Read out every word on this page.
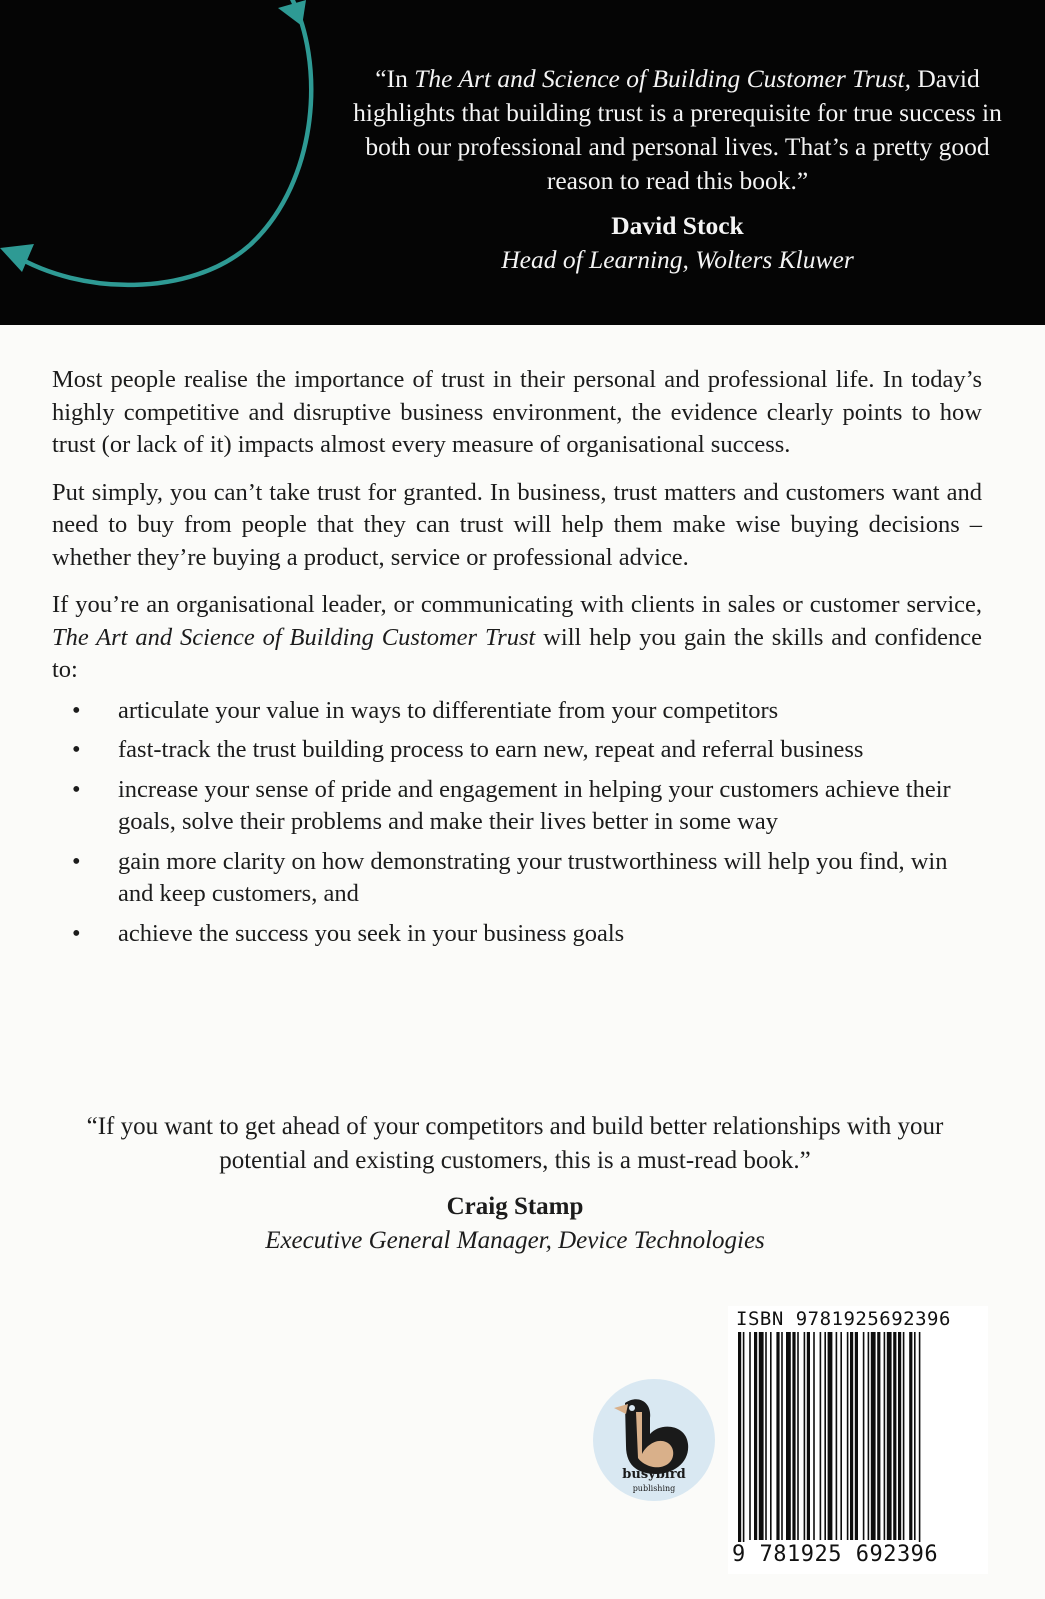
“In The Art and Science of Building Customer Trust, David highlights that building trust is a prerequisite for true success in both our professional and personal lives. That’s a pretty good reason to read this book.”

David Stock

Head of Learning, Wolters Kluwer

Most people realise the importance of trust in their personal and professional life. In today’s highly competitive and disruptive business environment, the evidence clearly points to how trust (or lack of it) impacts almost every measure of organisational success.

Put simply, you can’t take trust for granted. In business, trust matters and customers want and need to buy from people that they can trust will help them make wise buying decisions – whether they’re buying a product, service or professional advice.

If you’re an organisational leader, or communicating with clients in sales or customer service, The Art and Science of Building Customer Trust will help you gain the skills and confidence to:

• articulate your value in ways to differentiate from your competitors
• fast-track the trust building process to earn new, repeat and referral business
• increase your sense of pride and engagement in helping your customers achieve their goals, solve their problems and make their lives better in some way
• gain more clarity on how demonstrating your trustworthiness will help you find, win and keep customers, and
• achieve the success you seek in your business goals

“If you want to get ahead of your competitors and build better relationships with your potential and existing customers, this is a must-read book.”

Craig Stamp

Executive General Manager, Device Technologies

busybird
publishing
ISBN 9781925692396
9 781925 692396
